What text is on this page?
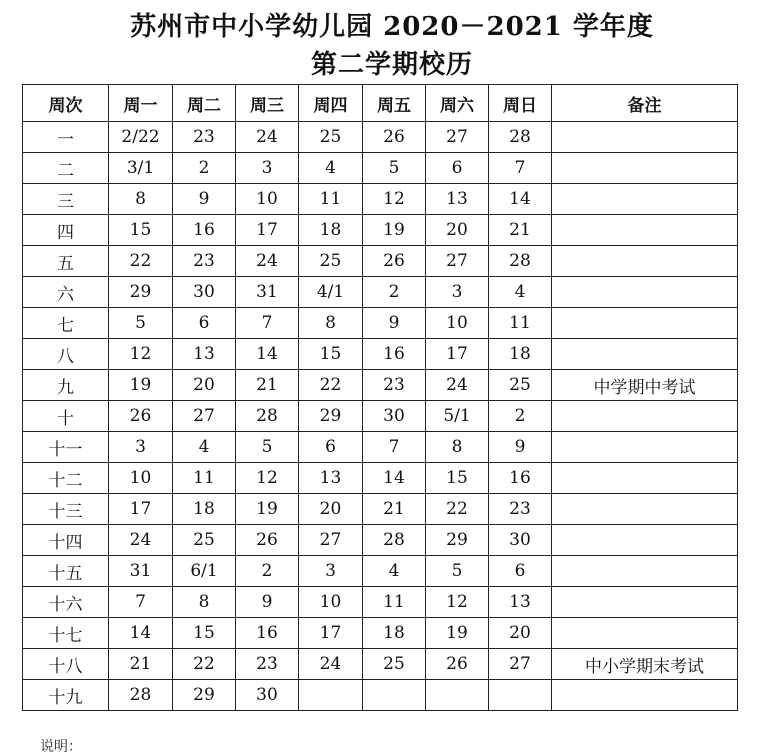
苏州市中小学幼儿园 2020－2021 学年度
第二学期校历
周次	周一	周二	周三	周四	周五	周六	周日	备注
一	2/22	23	24	25	26	27	28	
二	3/1	2	3	4	5	6	7	
三	8	9	10	11	12	13	14	
四	15	16	17	18	19	20	21	
五	22	23	24	25	26	27	28	
六	29	30	31	4/1	2	3	4	
七	5	6	7	8	9	10	11	
八	12	13	14	15	16	17	18	
九	19	20	21	22	23	24	25	中学期中考试
十	26	27	28	29	30	5/1	2	
十一	3	4	5	6	7	8	9	
十二	10	11	12	13	14	15	16	
十三	17	18	19	20	21	22	23	
十四	24	25	26	27	28	29	30	
十五	31	6/1	2	3	4	5	6	
十六	7	8	9	10	11	12	13	
十七	14	15	16	17	18	19	20	
十八	21	22	23	24	25	26	27	中小学期末考试
十九	28	29	30					
说明：
